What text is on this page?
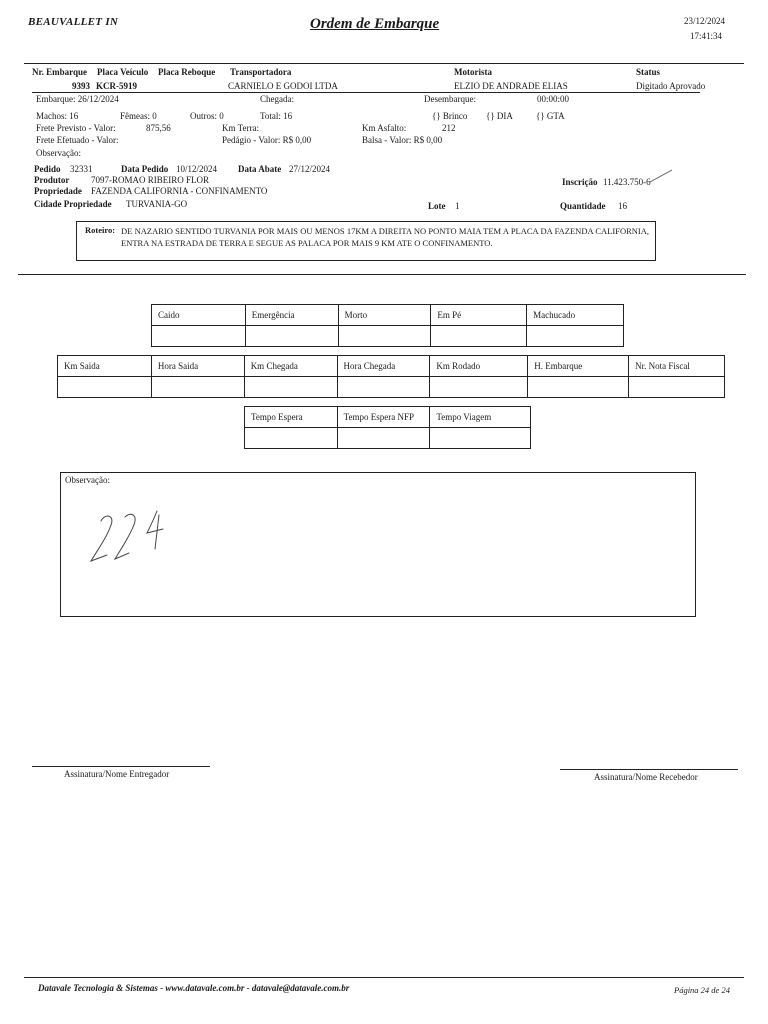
BEAUVALLET IN	Ordem de Embarque	23/12/2024
17:41:34
Nr. Embarque Placa Veículo Placa Reboque Transportadora	Motorista	Status
9393 KCR-5919	CARNIELO E GODOI LTDA	ELZIO DE ANDRADE ELIAS	Digitado Aprovado
Embarque: 26/12/2024	Chegada:	Desembarque:	00:00:00
Machos: 16	Fêmeas: 0	Outros: 0	Total: 16	{} Brinco {} DIA	{} GTA
Frete Previsto - Valor:	875,56	Km Terra:	Km Asfalto:	212
Frete Efetuado - Valor:	Pedágio - Valor: R$ 0,00	Balsa - Valor: R$ 0,00
Observação:
Pedido 32331	Data Pedido 10/12/2024 Data Abate 27/12/2024
Produtor 7097-ROMAO RIBEIRO FLOR	Inscrição 11.423.750-6
Propriedade FAZENDA CALIFORNIA - CONFINAMENTO
Cidade Propriedade TURVANIA-GO	Lote 1	Quantidade 16
Roteiro: DE NAZARIO SENTIDO TURVANIA POR MAIS OU MENOS 17KM A DIREITA NO PONTO MAIA TEM A PLACA DA FAZENDA CALIFORNIA, ENTRA NA ESTRADA DE TERRA E SEGUE AS PALACA POR MAIS 9 KM ATE O CONFINAMENTO.
Caido	Emergência	Morto	Em Pé	Machucado

Km Saida	Hora Saida	Km Chegada	Hora Chegada	Km Rodado	H. Embarque	Nr. Nota Fiscal

Tempo Espera	Tempo Espera NFP	Tempo Viagem

Observação:
Assinatura/Nome Entregador	Assinatura/Nome Recebedor
Datavale Tecnologia & Sistemas - www.datavale.com.br - datavale@datavale.com.br	Página 24 de 24
